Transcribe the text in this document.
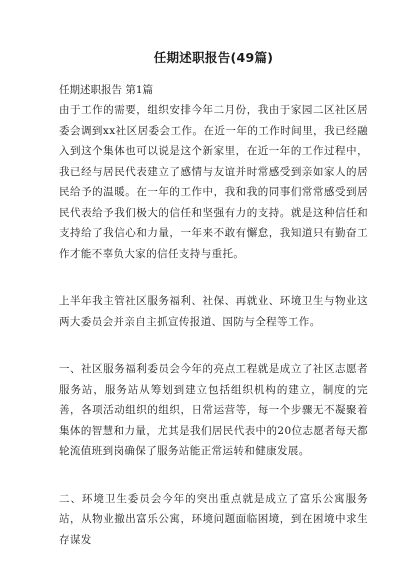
任期述职报告(49篇)
任期述职报告 第1篇

由于工作的需要，组织安排今年二月份，我由于家园二区社区居委会调到xx社区居委会工作。在近一年的工作时间里，我已经融入到这个集体也可以说是这个新家里，在近一年的工作过程中，我已经与居民代表建立了感情与友谊并时常感受到亲如家人的居民给予的温暖。在一年的工作中，我和我的同事们常常感受到居民代表给予我们极大的信任和坚强有力的支持。就是这种信任和支持给了我信心和力量，一年来不敢有懈怠，我知道只有勤奋工作才能不辜负大家的信任支持与重托。

上半年我主管社区服务福利、社保、再就业、环境卫生与物业这两大委员会并亲自主抓宣传报道、国防与全程等工作。

一、社区服务福利委员会今年的亮点工程就是成立了社区志愿者服务站，服务站从筹划到建立包括组织机构的建立，制度的完善，各项活动组织的组织，日常运营等，每一个步骤无不凝聚着集体的智慧和力量，尤其是我们居民代表中的20位志愿者每天都轮流值班到岗确保了服务站能正常运转和健康发展。

二、环境卫生委员会今年的突出重点就是成立了富乐公寓服务站，从物业撤出富乐公寓，环境问题面临困境，到在困境中求生存谋发
